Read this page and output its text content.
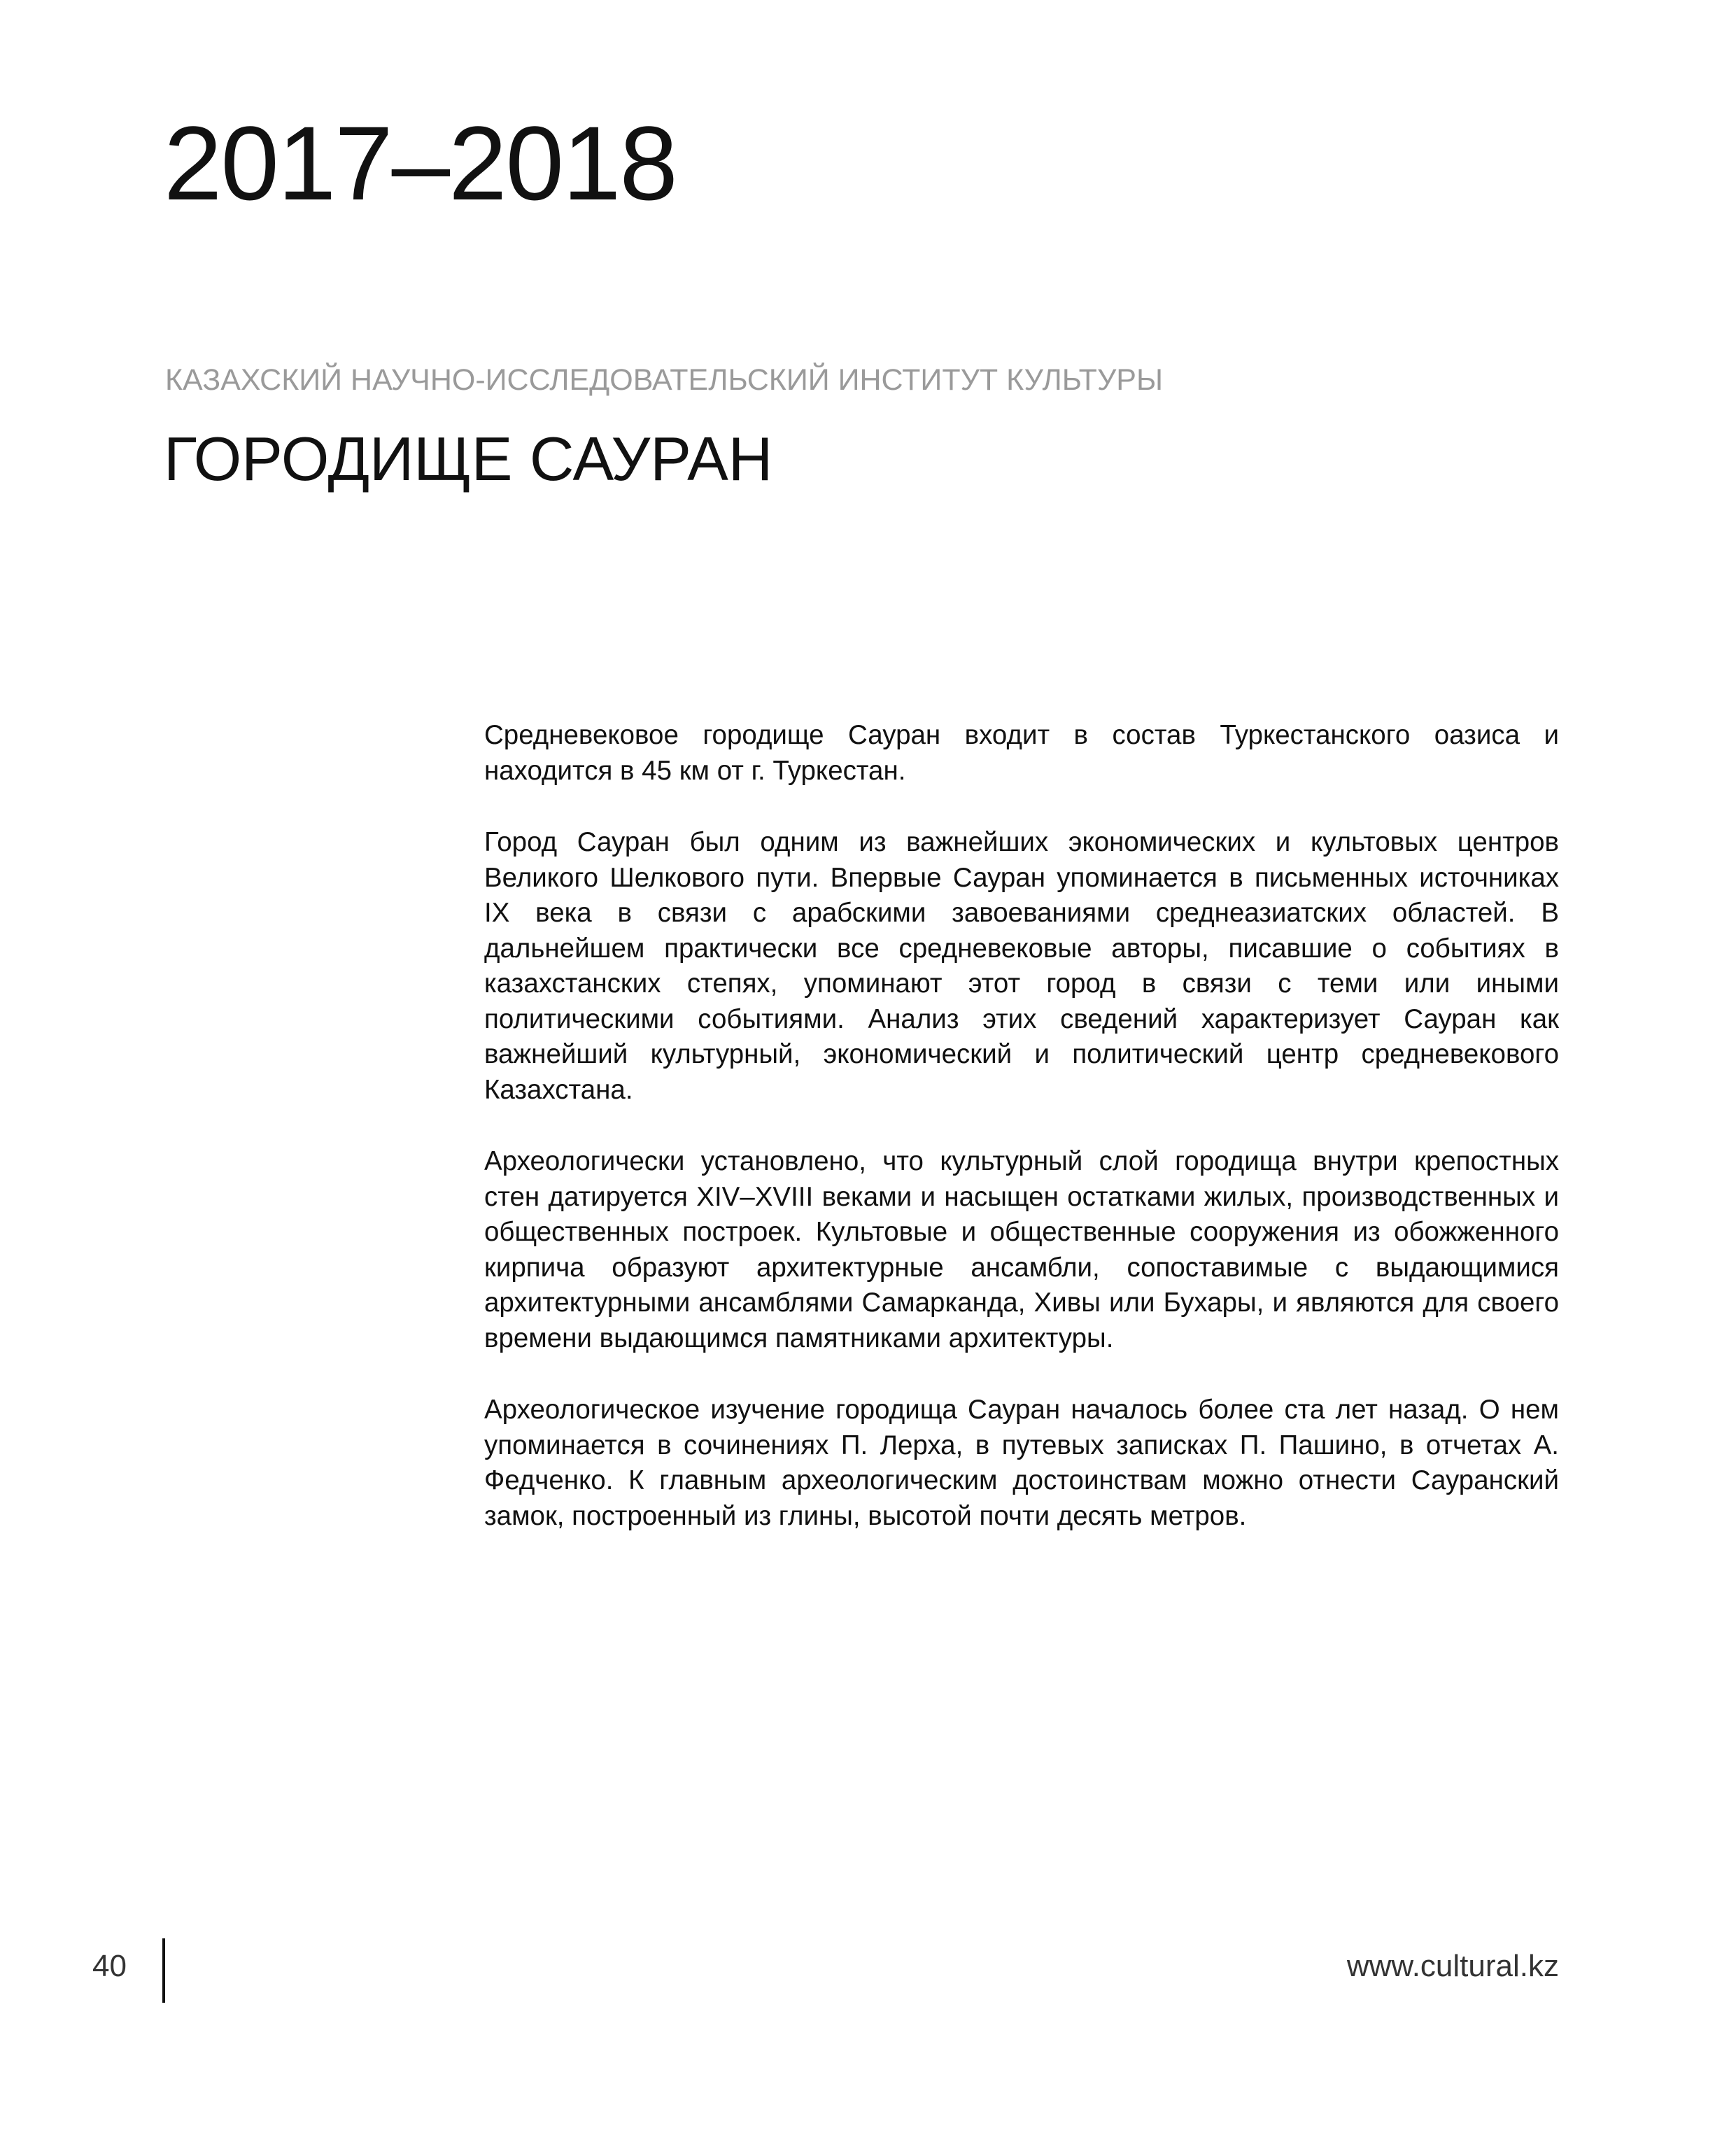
2017–2018
КАЗАХСКИЙ НАУЧНО-ИССЛЕДОВАТЕЛЬСКИЙ ИНСТИТУТ КУЛЬТУРЫ
ГОРОДИЩЕ САУРАН

Средневековое городище Сауран входит в состав Туркестанского оазиса и находится в 45 км от г. Туркестан.

Город Сауран был одним из важнейших экономических и культовых центров Великого Шелкового пути. Впервые Сауран упоминается в письменных источниках IX века в связи с арабскими завоеваниями среднеазиатских областей. В дальнейшем практически все средневековые авторы, писавшие о событиях в казахстанских степях, упоминают этот город в связи с теми или иными политическими событиями. Анализ этих сведений характеризует Сауран как важнейший культурный, экономический и политический центр средневекового Казахстана.

Археологически установлено, что культурный слой городища внутри крепостных стен датируется XIV–XVIII веками и насыщен остатками жилых, производственных и общественных построек. Культовые и общественные сооружения из обожженного кирпича образуют архитектурные ансамбли, сопоставимые с выдающимися архитектурными ансамблями Самарканда, Хивы или Бухары, и являются для своего времени выдающимся памятниками архитектуры.

Археологическое изучение городища Сауран началось более ста лет назад. О нем упоминается в сочинениях П. Лерха, в путевых записках П. Пашино, в отчетах А. Федченко. К главным археологическим достоинствам можно отнести Сауранский замок, построенный из глины, высотой почти десять метров.

40	www.cultural.kz
